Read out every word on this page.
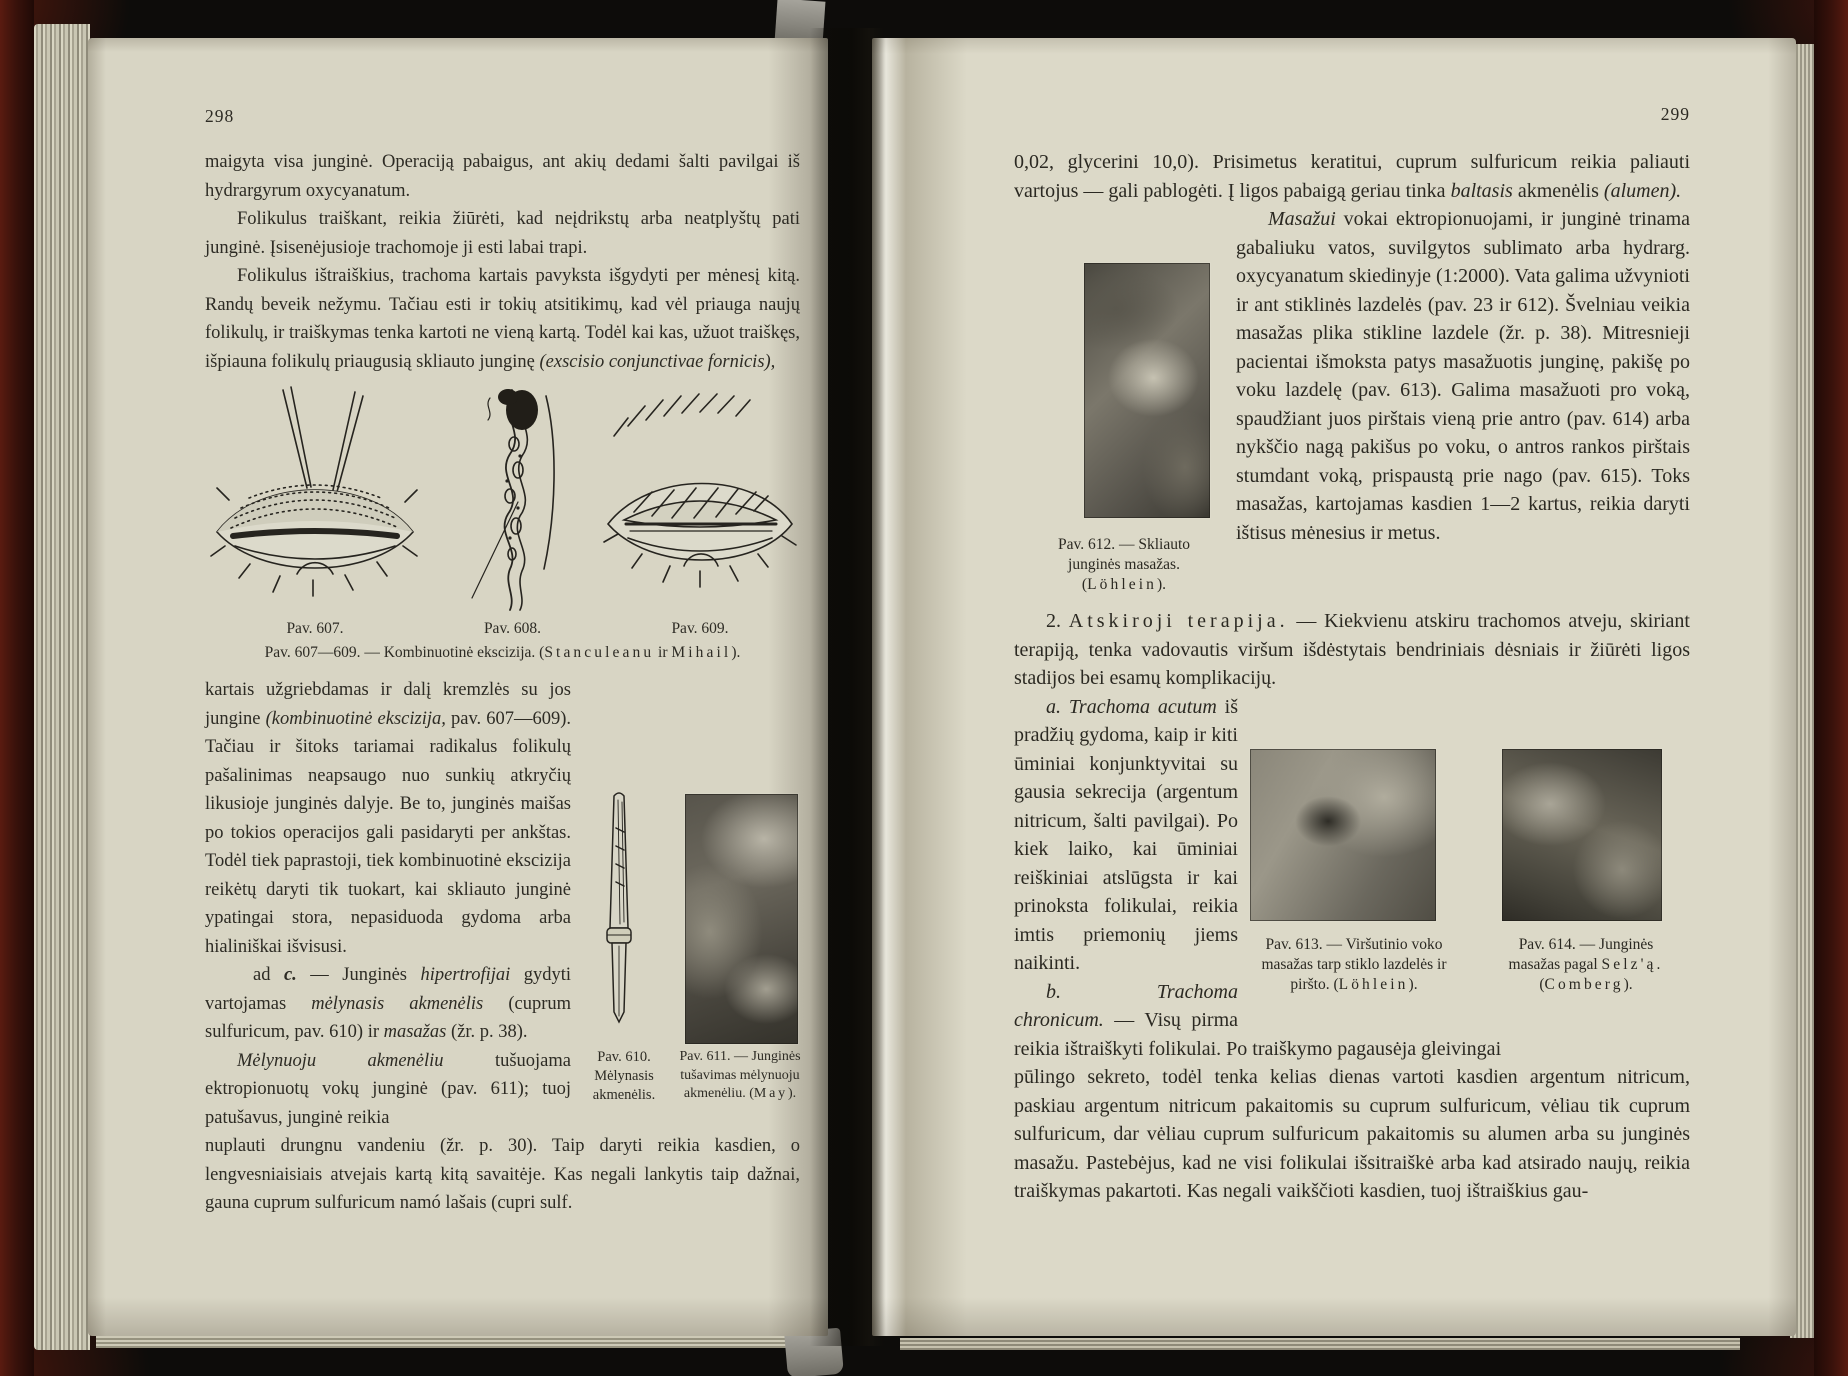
298

maigyta visa junginė. Operaciją pabaigus, ant akių dedami šalti pavilgai iš hydrargyrum oxycyanatum.

Folikulus traiškant, reikia žiūrėti, kad neįdrikstų arba neatplyštų pati junginė. Įsisenėjusioje trachomoje ji esti labai trapi.

Folikulus ištraiškius, trachoma kartais pavyksta išgydyti per mėnesį kitą. Randų beveik nežymu. Tačiau esti ir tokių atsitikimų, kad vėl priauga naujų folikulų, ir traiškymas tenka kartoti ne vieną kartą. Todėl kai kas, užuot traiškęs, išpiauna folikulų priaugusią skliauto junginę (exscisio conjunctivae fornicis),

Pav. 607.	Pav. 608.	Pav. 609.

Pav. 607—609. — Kombinuotinė ekscizija. (Stanculeanu ir Mihail).

Pav. 610. Mėlynasis akmenėlis.
Pav. 611. — Junginės tušavimas mėlynuoju akmenėliu. (May).

kartais užgriebdamas ir dalį kremzlės su jos jungine (kombinuotinė ekscizija, pav. 607—609). Tačiau ir šitoks tariamai radikalus folikulų pašalinimas neapsaugo nuo sunkių atkryčių likusioje junginės dalyje. Be to, junginės maišas po tokios operacijos gali pasidaryti per ankštas. Todėl tiek paprastoji, tiek kombinuotinė ekscizija reikėtų daryti tik tuokart, kai skliauto junginė ypatingai stora, nepasiduoda gydoma arba hialiniškai išvisusi.

ad c. — Junginės hipertrofijai gydyti vartojamas mėlynasis akmenėlis (cuprum sulfuricum, pav. 610) ir masažas (žr. p. 38).

Mėlynuoju akmenėliu tušuojama ektropionuotų vokų junginė (pav. 611); tuoj patušavus, junginė reikia

nuplauti drungnu vandeniu (žr. p. 30). Taip daryti reikia kasdien, o lengvesniaisiais atvejais kartą kitą savaitėje. Kas negali lankytis taip dažnai, gauna cuprum sulfuricum namó lašais (cupri sulf.

299

0,02, glycerini 10,0). Prisimetus keratitui, cuprum sulfuricum reikia paliauti vartojus — gali pablogėti. Į ligos pabaigą geriau tinka baltasis akmenėlis (alumen).

Pav. 612. — Skliauto junginės masažas. (Löhlein).

Masažui vokai ektropionuojami, ir junginė trinama gabaliuku vatos, suvilgytos sublimato arba hydrarg. oxycyanatum skiedinyje (1:2000). Vata galima užvynioti ir ant stiklinės lazdelės (pav. 23 ir 612). Švelniau veikia masažas plika stikline lazdele (žr. p. 38). Mitresnieji pacientai išmoksta patys masažuotis junginę, pakišę po voku lazdelę (pav. 613). Galima masažuoti pro voką, spaudžiant juos pirštais vieną prie antro (pav. 614) arba nykščio nagą pakišus po voku, o antros rankos pirštais stumdant voką, prispaustą prie nago (pav. 615). Toks masažas, kartojamas kasdien 1—2 kartus, reikia daryti ištisus mėnesius ir metus.

2. Atskiroji terapija. — Kiekvienu atskiru trachomos atveju, skiriant terapiją, tenka vadovautis viršum išdėstytais bendriniais dėsniais ir žiūrėti ligos stadijos bei esamų komplikacijų.

Pav. 613. — Viršutinio voko masažas tarp stiklo lazdelės ir piršto. (Löhlein).
Pav. 614. — Junginės masažas pagal Selz'ą. (Comberg).

a. Trachoma acutum iš pradžių gydoma, kaip ir kiti ūminiai konjunktyvitai su gausia sekrecija (argentum nitricum, šalti pavilgai). Po kiek laiko, kai ūminiai reiškiniai atslūgsta ir kai prinoksta folikulai, reikia imtis priemonių jiems naikinti.

b. Trachoma chronicum. — Visų pirma reikia ištraiškyti folikulai. Po traiškymo pagausėja gleivingai

pūlingo sekreto, todėl tenka kelias dienas vartoti kasdien argentum nitricum, paskiau argentum nitricum pakaitomis su cuprum sulfuricum, vėliau tik cuprum sulfuricum, dar vėliau cuprum sulfuricum pakaitomis su alumen arba su junginės masažu. Pastebėjus, kad ne visi folikulai išsitraiškė arba kad atsirado naujų, reikia traiškymas pakartoti. Kas negali vaikščioti kasdien, tuoj ištraiškius gau-
